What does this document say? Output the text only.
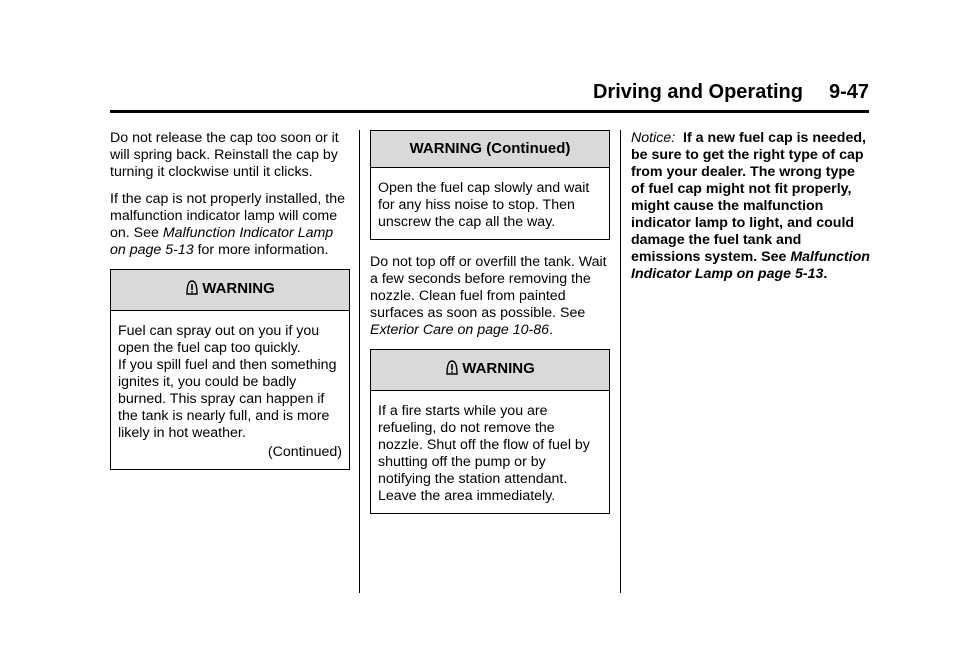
Driving and Operating 9-47

Do not release the cap too soon or it will spring back. Reinstall the cap by turning it clockwise until it clicks.

If the cap is not properly installed, the malfunction indicator lamp will come on. See Malfunction Indicator Lamp on page 5-13 for more information.

WARNING
Fuel can spray out on you if you open the fuel cap too quickly.
If you spill fuel and then something ignites it, you could be badly burned. This spray can happen if the tank is nearly full, and is more likely in hot weather.
(Continued)
WARNING (Continued)
Open the fuel cap slowly and wait for any hiss noise to stop. Then unscrew the cap all the way.

Do not top off or overfill the tank. Wait a few seconds before removing the nozzle. Clean fuel from painted surfaces as soon as possible. See Exterior Care on page 10-86.

WARNING
If a fire starts while you are refueling, do not remove the nozzle. Shut off the flow of fuel by shutting off the pump or by notifying the station attendant. Leave the area immediately.

Notice:  If a new fuel cap is needed, be sure to get the right type of cap from your dealer. The wrong type of fuel cap might not fit properly, might cause the malfunction indicator lamp to light, and could damage the fuel tank and emissions system. See Malfunction Indicator Lamp on page 5-13.
